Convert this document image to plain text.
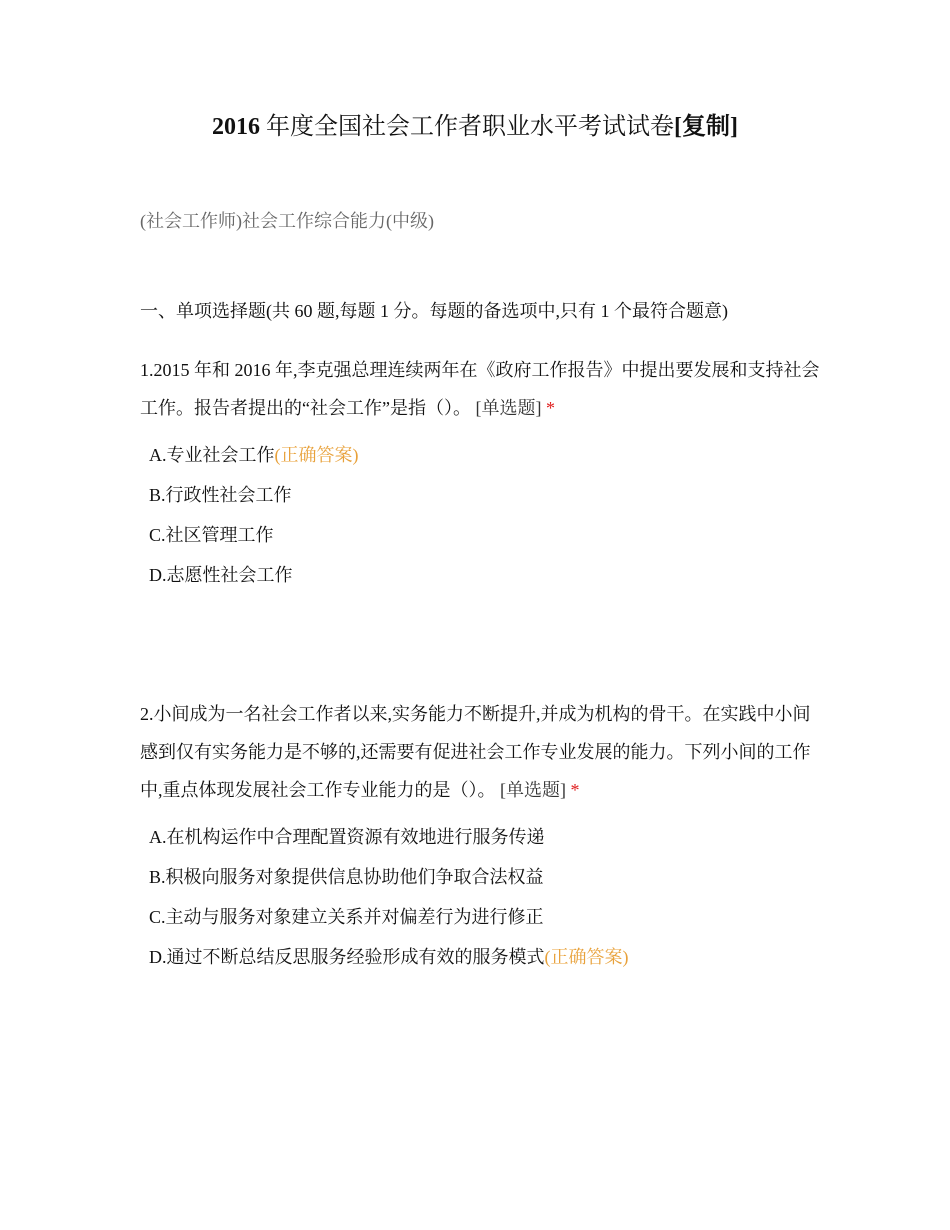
2016 年度全国社会工作者职业水平考试试卷[复制]
(社会工作师)社会工作综合能力(中级)
一、单项选择题(共 60 题,每题 1 分。每题的备选项中,只有 1 个最符合题意)

1.2015 年和 2016 年,李克强总理连续两年在《政府工作报告》中提出要发展和支持社会工作。报告者提出的“社会工作”是指（）。 [单选题] *

A.专业社会工作(正确答案)
B.行政性社会工作
C.社区管理工作
D.志愿性社会工作

2.小间成为一名社会工作者以来,实务能力不断提升,并成为机构的骨干。在实践中小间感到仅有实务能力是不够的,还需要有促进社会工作专业发展的能力。下列小间的工作中,重点体现发展社会工作专业能力的是（）。 [单选题] *

A.在机构运作中合理配置资源有效地进行服务传递
B.积极向服务对象提供信息协助他们争取合法权益
C.主动与服务对象建立关系并对偏差行为进行修正
D.通过不断总结反思服务经验形成有效的服务模式(正确答案)
